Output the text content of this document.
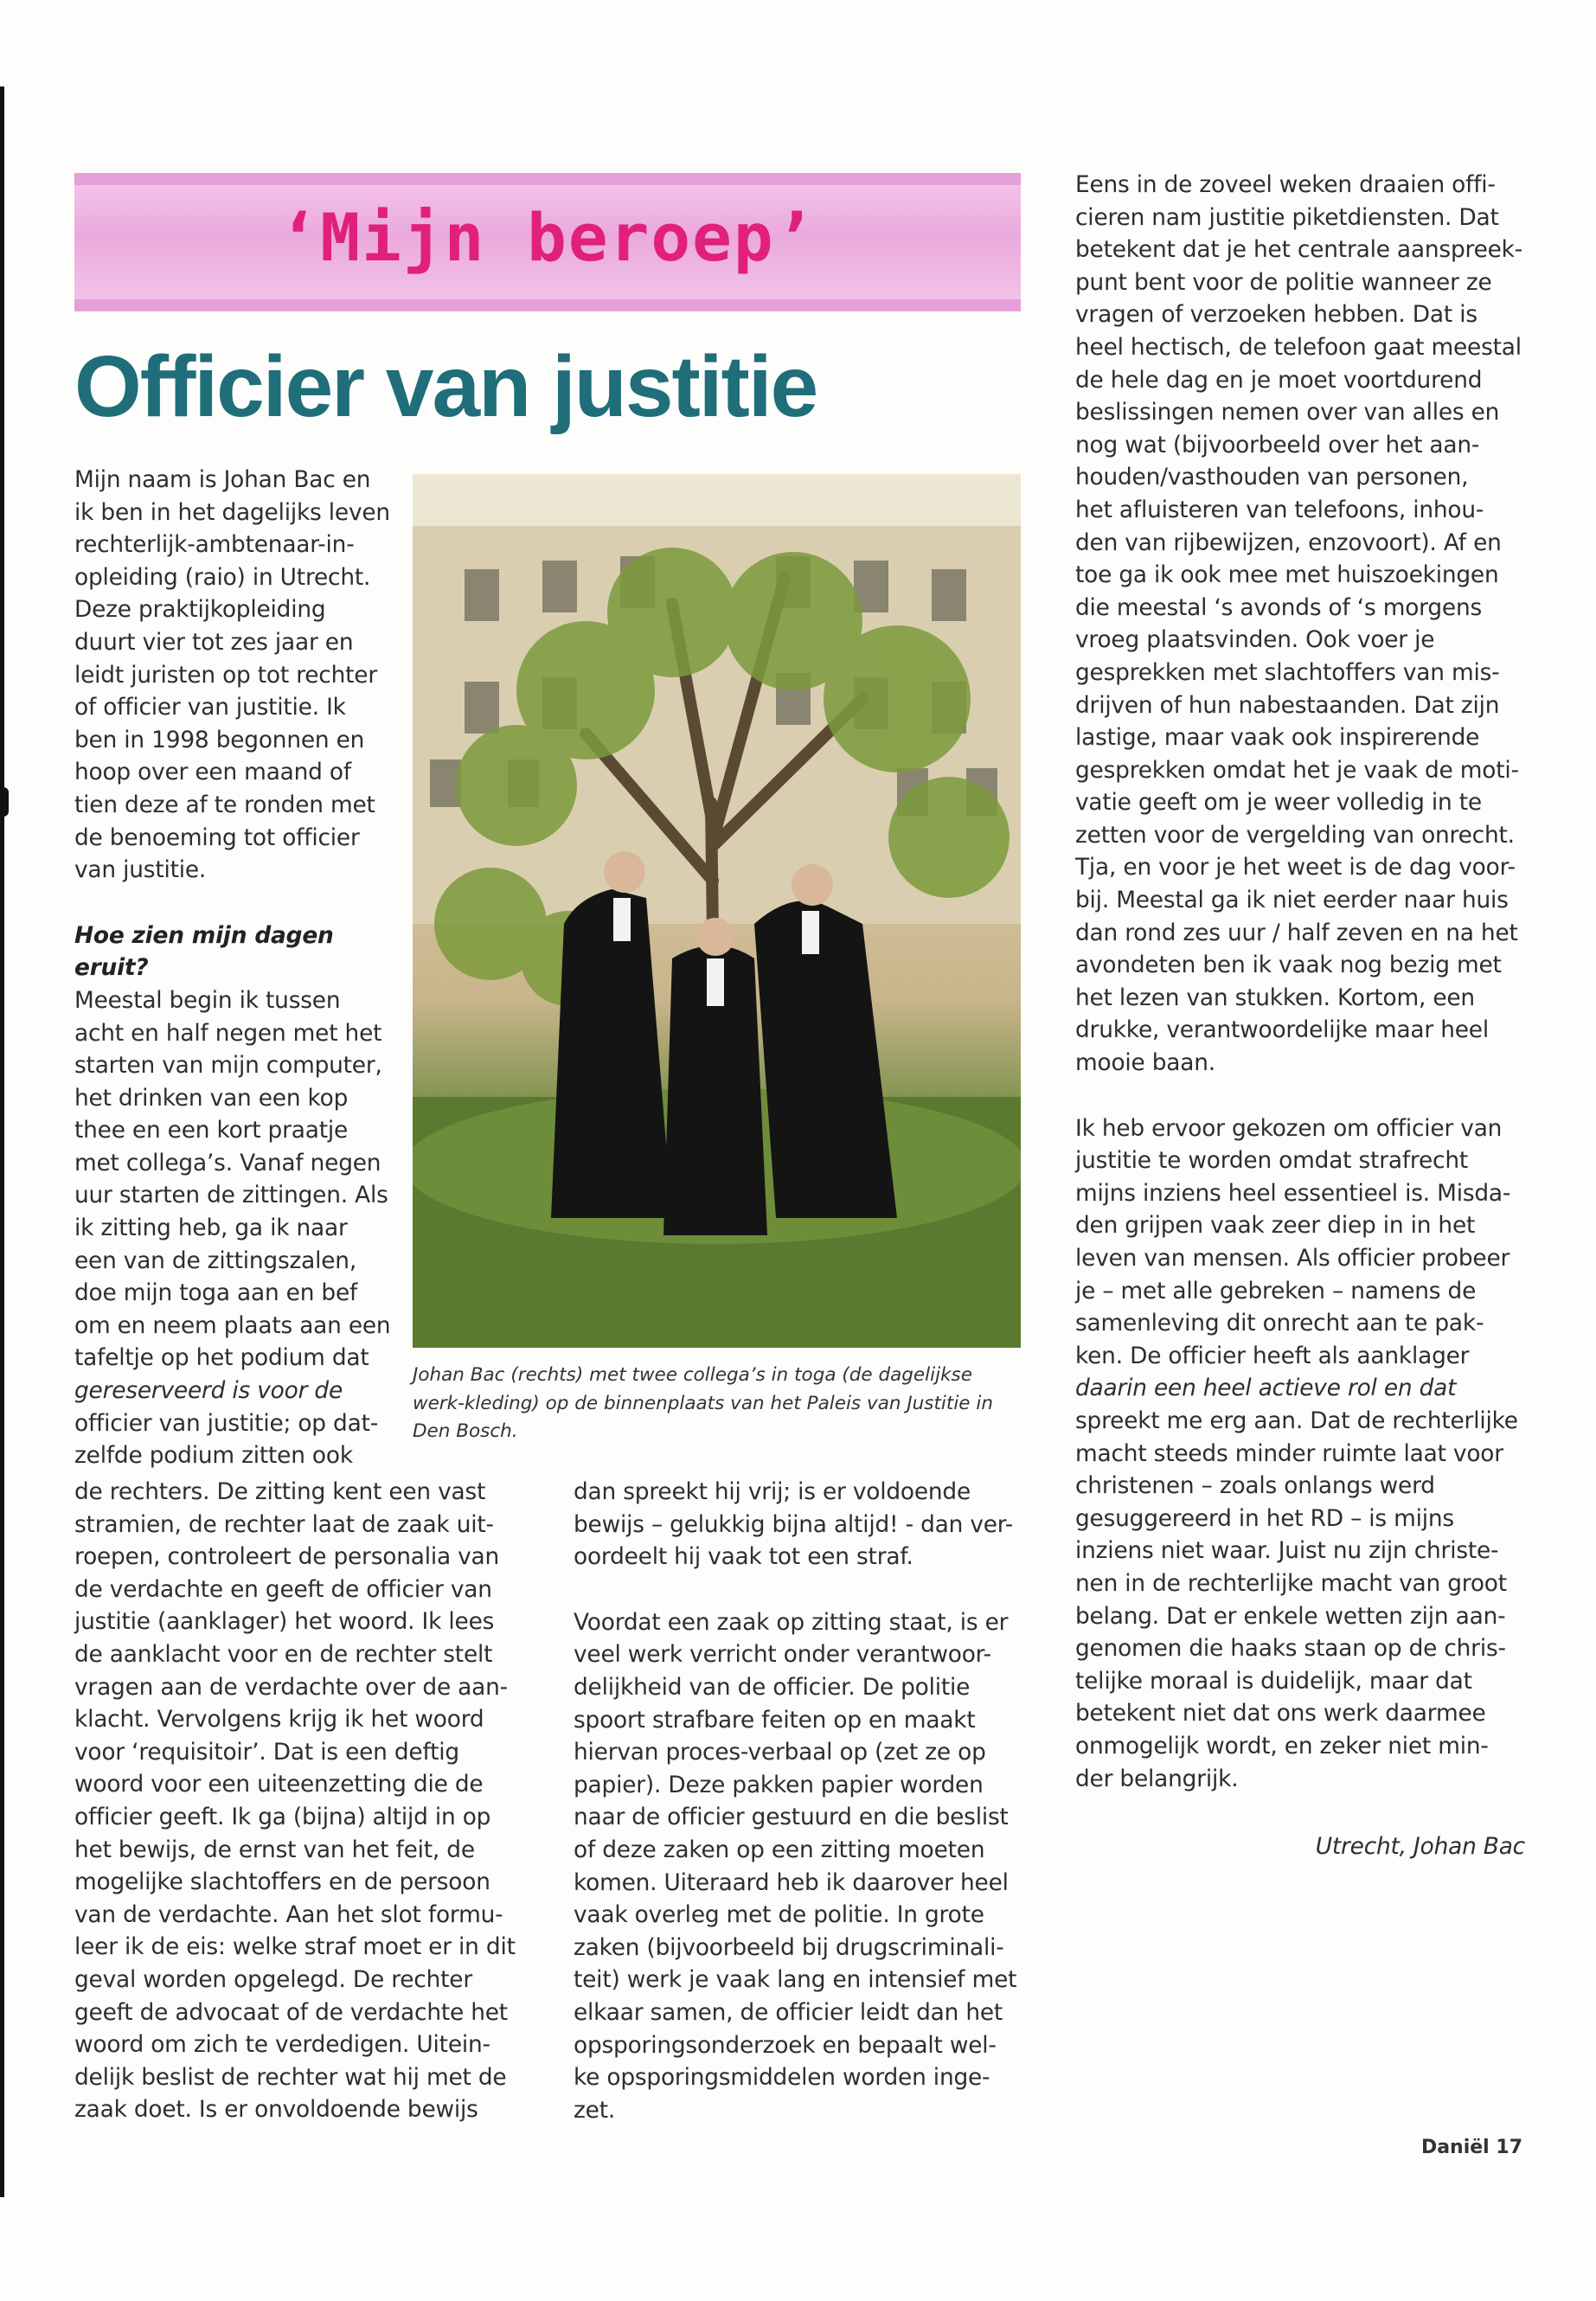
‘Mijn beroep’
Officier van justitie

Mijn naam is Johan Bac en

ik ben in het dagelijks leven

rechterlijk-ambtenaar-in-

opleiding (raio) in Utrecht.

Deze praktijkopleiding

duurt vier tot zes jaar en

leidt juristen op tot rechter

of officier van justitie. Ik

ben in 1998 begonnen en

hoop over een maand of

tien deze af te ronden met

de benoeming tot officier

van justitie.

Hoe zien mijn dagen

eruit?

Meestal begin ik tussen

acht en half negen met het

starten van mijn computer,

het drinken van een kop

thee en een kort praatje

met collega’s. Vanaf negen

uur starten de zittingen. Als

ik zitting heb, ga ik naar

een van de zittingszalen,

doe mijn toga aan en bef

om en neem plaats aan een

tafeltje op het podium dat

gereserveerd is voor de

officier van justitie; op dat-

zelfde podium zitten ook

Johan Bac (rechts) met twee collega’s in toga (de dagelijkse werk-kleding) op de binnenplaats van het Paleis van Justitie in Den Bosch.

de rechters. De zitting kent een vast

stramien, de rechter laat de zaak uit-

roepen, controleert de personalia van

de verdachte en geeft de officier van

justitie (aanklager) het woord. Ik lees

de aanklacht voor en de rechter stelt

vragen aan de verdachte over de aan-

klacht. Vervolgens krijg ik het woord

voor ‘requisitoir’. Dat is een deftig

woord voor een uiteenzetting die de

officier geeft. Ik ga (bijna) altijd in op

het bewijs, de ernst van het feit, de

mogelijke slachtoffers en de persoon

van de verdachte. Aan het slot formu-

leer ik de eis: welke straf moet er in dit

geval worden opgelegd. De rechter

geeft de advocaat of de verdachte het

woord om zich te verdedigen. Uitein-

delijk beslist de rechter wat hij met de

zaak doet. Is er onvoldoende bewijs

dan spreekt hij vrij; is er voldoende

bewijs – gelukkig bijna altijd! - dan ver-

oordeelt hij vaak tot een straf.

Voordat een zaak op zitting staat, is er

veel werk verricht onder verantwoor-

delijkheid van de officier. De politie

spoort strafbare feiten op en maakt

hiervan proces-verbaal op (zet ze op

papier). Deze pakken papier worden

naar de officier gestuurd en die beslist

of deze zaken op een zitting moeten

komen. Uiteraard heb ik daarover heel

vaak overleg met de politie. In grote

zaken (bijvoorbeeld bij drugscriminali-

teit) werk je vaak lang en intensief met

elkaar samen, de officier leidt dan het

opsporingsonderzoek en bepaalt wel-

ke opsporingsmiddelen worden inge-

zet.

Eens in de zoveel weken draaien offi-

cieren nam justitie piketdiensten. Dat

betekent dat je het centrale aanspreek-

punt bent voor de politie wanneer ze

vragen of verzoeken hebben. Dat is

heel hectisch, de telefoon gaat meestal

de hele dag en je moet voortdurend

beslissingen nemen over van alles en

nog wat (bijvoorbeeld over het aan-

houden/vasthouden van personen,

het afluisteren van telefoons, inhou-

den van rijbewijzen, enzovoort). Af en

toe ga ik ook mee met huiszoekingen

die meestal ‘s avonds of ‘s morgens

vroeg plaatsvinden. Ook voer je

gesprekken met slachtoffers van mis-

drijven of hun nabestaanden. Dat zijn

lastige, maar vaak ook inspirerende

gesprekken omdat het je vaak de moti-

vatie geeft om je weer volledig in te

zetten voor de vergelding van onrecht.

Tja, en voor je het weet is de dag voor-

bij. Meestal ga ik niet eerder naar huis

dan rond zes uur / half zeven en na het

avondeten ben ik vaak nog bezig met

het lezen van stukken. Kortom, een

drukke, verantwoordelijke maar heel

mooie baan.

Ik heb ervoor gekozen om officier van

justitie te worden omdat strafrecht

mijns inziens heel essentieel is. Misda-

den grijpen vaak zeer diep in in het

leven van mensen. Als officier probeer

je – met alle gebreken – namens de

samenleving dit onrecht aan te pak-

ken. De officier heeft als aanklager

daarin een heel actieve rol en dat

spreekt me erg aan. Dat de rechterlijke

macht steeds minder ruimte laat voor

christenen – zoals onlangs werd

gesuggereerd in het RD – is mijns

inziens niet waar. Juist nu zijn christe-

nen in de rechterlijke macht van groot

belang. Dat er enkele wetten zijn aan-

genomen die haaks staan op de chris-

telijke moraal is duidelijk, maar dat

betekent niet dat ons werk daarmee

onmogelijk wordt, en zeker niet min-

der belangrijk.

Utrecht, Johan Bac
Daniël 17
